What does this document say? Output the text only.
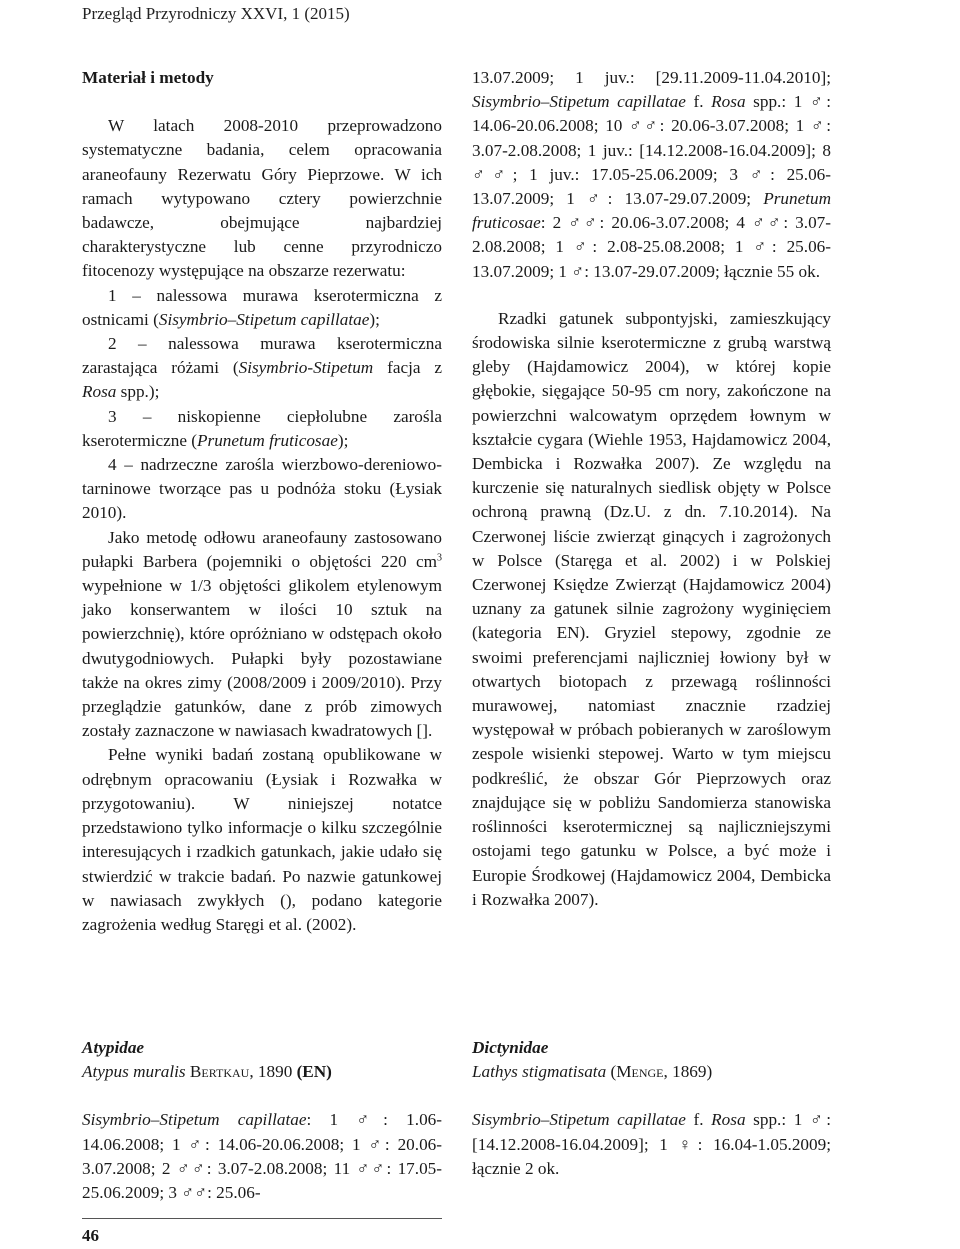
Przegląd Przyrodniczy XXVI, 1 (2015)

Materiał i metody

W latach 2008-2010 przeprowadzono systematyczne badania, celem opracowania araneofauny Rezerwatu Góry Pieprzowe. W ich ramach wytypowano cztery powierzchnie badawcze, obejmujące najbardziej charakterystyczne lub cenne przyrodniczo fitocenozy występujące na obszarze rezerwatu:

1 – nalessowa murawa kserotermiczna z ostnicami (Sisymbrio–Stipetum capillatae);

2 – nalessowa murawa kserotermiczna zarastająca różami (Sisymbrio-Stipetum facja z Rosa spp.);

3 – niskopienne ciepłolubne zarośla kserotermiczne (Prunetum fruticosae);

4 – nadrzeczne zarośla wierzbowo-dereniowo-tarninowe tworzące pas u podnóża stoku (Łysiak 2010).

Jako metodę odłowu araneofauny zastosowano pułapki Barbera (pojemniki o objętości 220 $cm^3$ wypełnione w 1/3 objętości glikolem etylenowym jako konserwantem w ilości 10 sztuk na powierzchnię), które opróżniano w odstępach około dwutygodniowych. Pułapki były pozostawiane także na okres zimy (2008/2009 i 2009/2010). Przy przeglądzie gatunków, dane z prób zimowych zostały zaznaczone w nawiasach kwadratowych [].

Pełne wyniki badań zostaną opublikowane w odrębnym opracowaniu (Łysiak i Rozwałka w przygotowaniu). W niniejszej notatce przedstawiono tylko informacje o kilku szczególnie interesujących i rzadkich gatunkach, jakie udało się stwierdzić w trakcie badań. Po nazwie gatunkowej w nawiasach zwykłych (), podano kategorie zagrożenia według Staręgi et al. (2002).

13.07.2009; 1 juv.: [29.11.2009-11.04.2010]; Sisymbrio–Stipetum capillatae f. Rosa spp.: 1 ♂: 14.06-20.06.2008; 10 ♂♂: 20.06-3.07.2008; 1 ♂: 3.07-2.08.2008; 1 juv.: [14.12.2008-16.04.2009]; 8 ♂♂; 1 juv.: 17.05-25.06.2009; 3 ♂: 25.06-13.07.2009; 1 ♂: 13.07-29.07.2009; Prunetum fruticosae: 2 ♂♂: 20.06-3.07.2008; 4 ♂♂: 3.07-2.08.2008; 1 ♂: 2.08-25.08.2008; 1 ♂: 25.06-13.07.2009; 1 ♂: 13.07-29.07.2009; łącznie 55 ok.

Rzadki gatunek subpontyjski, zamieszkujący środowiska silnie kserotermiczne z grubą warstwą gleby (Hajdamowicz 2004), w której kopie głębokie, sięgające 50-95 cm nory, zakończone na powierzchni walcowatym oprzędem łownym w kształcie cygara (Wiehle 1953, Hajdamowicz 2004, Dembicka i Rozwałka 2007). Ze względu na kurczenie się naturalnych siedlisk objęty w Polsce ochroną prawną (Dz.U. z dn. 7.10.2014). Na Czerwonej liście zwierząt ginących i zagrożonych w Polsce (Staręga et al. 2002) i w Polskiej Czerwonej Księdze Zwierząt (Hajdamowicz 2004) uznany za gatunek silnie zagrożony wyginięciem (kategoria EN). Gryziel stepowy, zgodnie ze swoimi preferencjami najliczniej łowiony był w otwartych biotopach z przewagą roślinności murawowej, natomiast znacznie rzadziej występował w próbach pobieranych w zaroślowym zespole wisienki stepowej. Warto w tym miejscu podkreślić, że obszar Gór Pieprzowych oraz znajdujące się w pobliżu Sandomierza stanowiska roślinności kserotermicznej są najliczniejszymi ostojami tego gatunku w Polsce, a być może i Europie Środkowej (Hajdamowicz 2004, Dembicka i Rozwałka 2007).

Atypidae

Atypus muralis Bertkau, 1890 (EN)

Sisymbrio–Stipetum capillatae: 1 ♂: 1.06-14.06.2008; 1 ♂: 14.06-20.06.2008; 1 ♂: 20.06-3.07.2008; 2 ♂♂: 3.07-2.08.2008; 11 ♂♂: 17.05-25.06.2009; 3 ♂♂: 25.06-

Dictynidae

Lathys stigmatisata (Menge, 1869)

Sisymbrio–Stipetum capillatae f. Rosa spp.: 1 ♂: [14.12.2008-16.04.2009]; 1 ♀: 16.04-1.05.2009; łącznie 2 ok.

46
